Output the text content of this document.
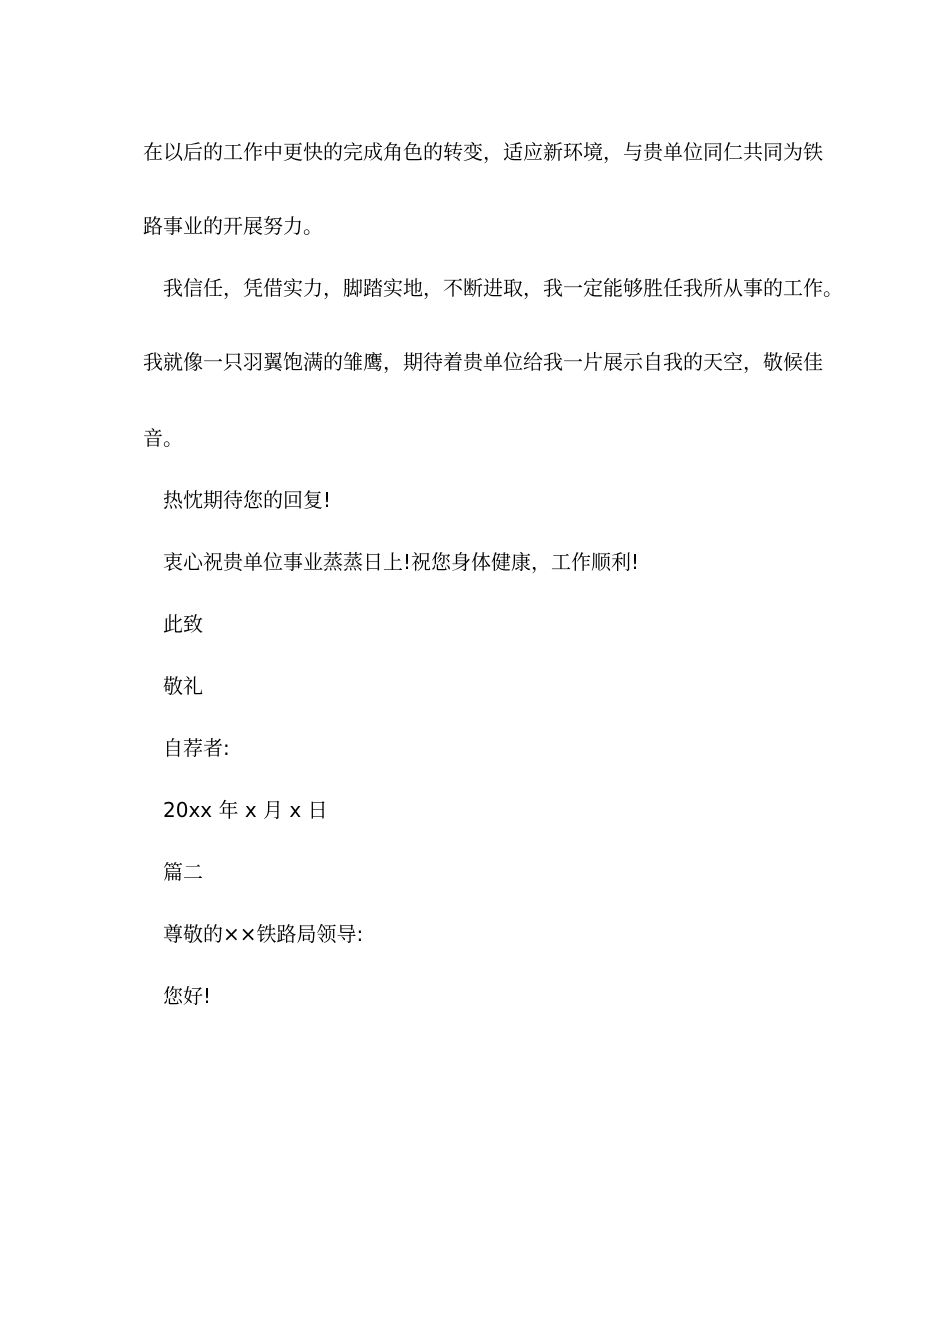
在以后的工作中更快的完成角色的转变，适应新环境，与贵单位同仁共同为铁
路事业的开展努力。
我信任，凭借实力，脚踏实地，不断进取，我一定能够胜任我所从事的工作。
我就像一只羽翼饱满的雏鹰，期待着贵单位给我一片展示自我的天空，敬候佳
音。
热忱期待您的回复!
衷心祝贵单位事业蒸蒸日上!祝您身体健康，工作顺利!
此致
敬礼
自荐者:
20xx 年 x 月 x 日
篇二
尊敬的××铁路局领导:
您好!
